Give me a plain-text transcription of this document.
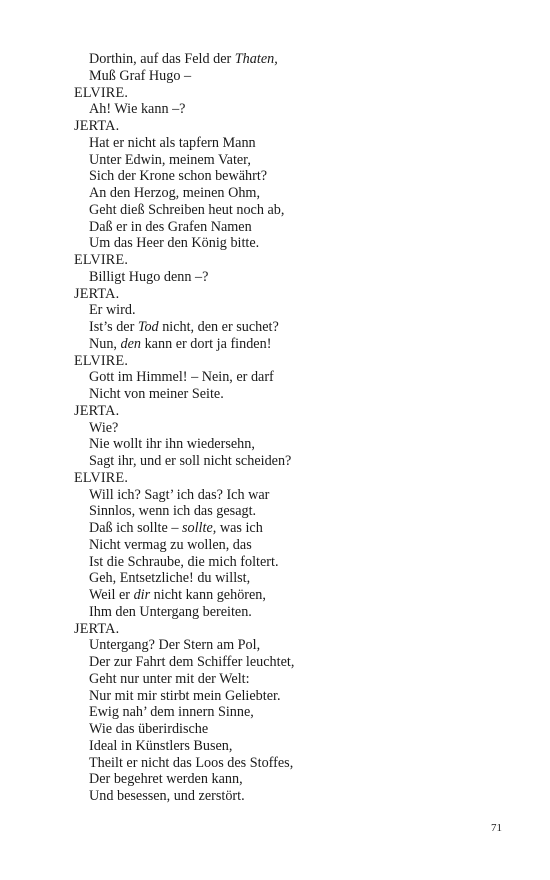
Dorthin, auf das Feld der Thaten,
Muß Graf Hugo –
ELVIRE.
Ah! Wie kann –?
JERTA.
Hat er nicht als tapfern Mann
Unter Edwin, meinem Vater,
Sich der Krone schon bewährt?
An den Herzog, meinen Ohm,
Geht dieß Schreiben heut noch ab,
Daß er in des Grafen Namen
Um das Heer den König bitte.
ELVIRE.
Billigt Hugo denn –?
JERTA.
Er wird.
Ist’s der Tod nicht, den er suchet?
Nun, den kann er dort ja finden!
ELVIRE.
Gott im Himmel! – Nein, er darf
Nicht von meiner Seite.
JERTA.
Wie?
Nie wollt ihr ihn wiedersehn,
Sagt ihr, und er soll nicht scheiden?
ELVIRE.
Will ich? Sagt’ ich das? Ich war
Sinnlos, wenn ich das gesagt.
Daß ich sollte – sollte, was ich
Nicht vermag zu wollen, das
Ist die Schraube, die mich foltert.
Geh, Entsetzliche! du willst,
Weil er dir nicht kann gehören,
Ihm den Untergang bereiten.
JERTA.
Untergang? Der Stern am Pol,
Der zur Fahrt dem Schiffer leuchtet,
Geht nur unter mit der Welt:
Nur mit mir stirbt mein Geliebter.
Ewig nah’ dem innern Sinne,
Wie das überirdische
Ideal in Künstlers Busen,
Theilt er nicht das Loos des Stoffes,
Der begehret werden kann,
Und besessen, und zerstört.
71
